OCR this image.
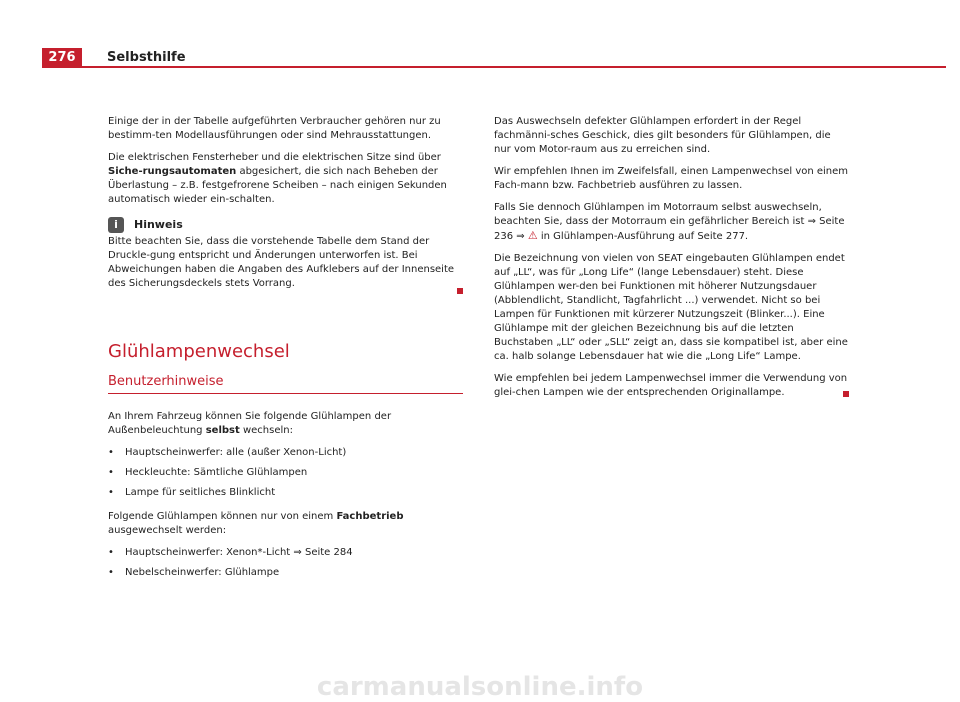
276	Selbsthilfe

Einige der in der Tabelle aufgeführten Verbraucher gehören nur zu bestimm-ten Modellausführungen oder sind Mehrausstattungen.

Die elektrischen Fensterheber und die elektrischen Sitze sind über Siche-rungsautomaten abgesichert, die sich nach Beheben der Überlastung – z.B. festgefrorene Scheiben – nach einigen Sekunden automatisch wieder ein-schalten.

i	Hinweis

Bitte beachten Sie, dass die vorstehende Tabelle dem Stand der Druckle-gung entspricht und Änderungen unterworfen ist. Bei Abweichungen haben die Angaben des Aufklebers auf der Innenseite des Sicherungsdeckels stets Vorrang.

Glühlampenwechsel
Benutzerhinweise

An Ihrem Fahrzeug können Sie folgende Glühlampen der Außenbeleuchtung selbst wechseln:

• Hauptscheinwerfer: alle (außer Xenon-Licht)
• Heckleuchte: Sämtliche Glühlampen
• Lampe für seitliches Blinklicht

Folgende Glühlampen können nur von einem Fachbetrieb ausgewechselt werden:

• Hauptscheinwerfer: Xenon*-Licht ⇒ Seite 284
• Nebelscheinwerfer: Glühlampe

Das Auswechseln defekter Glühlampen erfordert in der Regel fachmänni-sches Geschick, dies gilt besonders für Glühlampen, die nur vom Motor-raum aus zu erreichen sind.

Wir empfehlen Ihnen im Zweifelsfall, einen Lampenwechsel von einem Fach-mann bzw. Fachbetrieb ausführen zu lassen.

Falls Sie dennoch Glühlampen im Motorraum selbst auswechseln, beachten Sie, dass der Motorraum ein gefährlicher Bereich ist ⇒ Seite 236 ⇒ ⚠ in Glühlampen-Ausführung auf Seite 277.

Die Bezeichnung von vielen von SEAT eingebauten Glühlampen endet auf „LL“, was für „Long Life“ (lange Lebensdauer) steht. Diese Glühlampen wer-den bei Funktionen mit höherer Nutzungsdauer (Abblendlicht, Standlicht, Tagfahrlicht ...) verwendet. Nicht so bei Lampen für Funktionen mit kürzerer Nutzungszeit (Blinker...). Eine Glühlampe mit der gleichen Bezeichnung bis auf die letzten Buchstaben „LL“ oder „SLL“ zeigt an, dass sie kompatibel ist, aber eine ca. halb solange Lebensdauer hat wie die „Long Life“ Lampe.

Wie empfehlen bei jedem Lampenwechsel immer die Verwendung von glei-chen Lampen wie der entsprechenden Originallampe.

carmanualsonline.info
